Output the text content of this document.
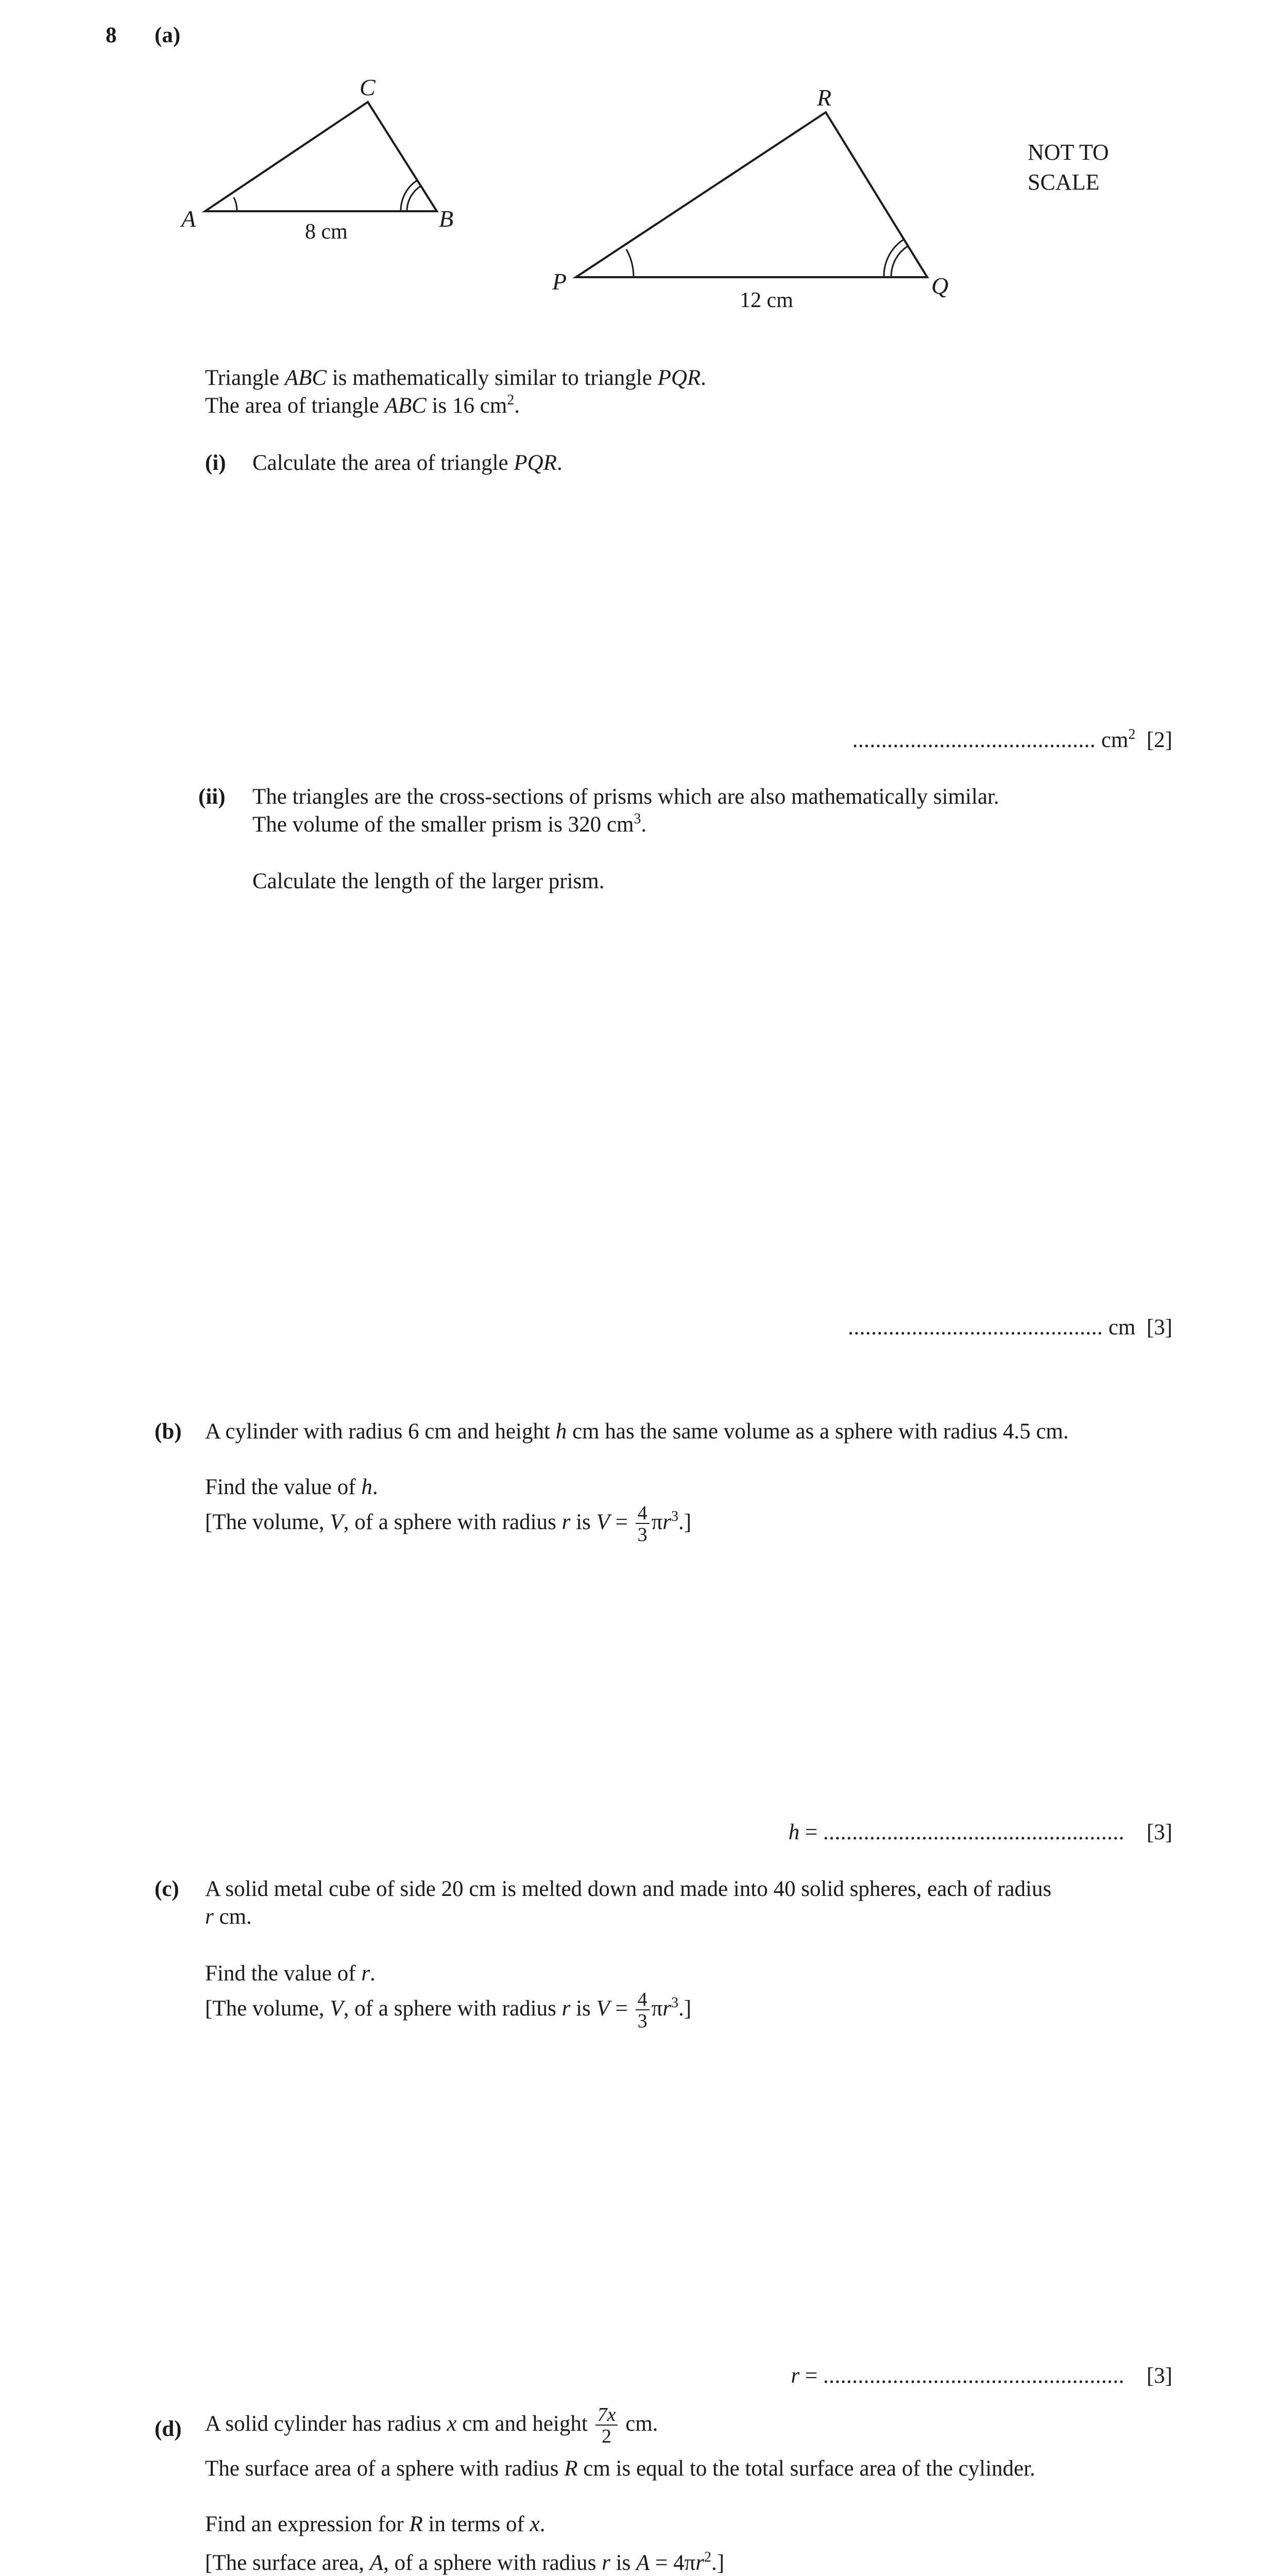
8 (a)
A	B
C
8 cm
P	Q
R
12 cm
NOT TO
SCALE
Triangle ABC is mathematically similar to triangle PQR.
The area of triangle ABC is 16 $cm^2$.
(i) Calculate the area of triangle PQR.
.......................................... $cm^2$ [2]
(ii) The triangles are the cross-sections of prisms which are also mathematically similar.
The volume of the smaller prism is 320 $cm^3$.
Calculate the length of the larger prism.
............................................ cm [3]
(b) A cylinder with radius 6 cm and height h cm has the same volume as a sphere with radius 4.5 cm.
Find the value of h.
[The volume, V, of a sphere with radius r is $V = \frac{4}{3} \pi r^3$.]
h = .................................................... [3]
(c) A solid metal cube of side 20 cm is melted down and made into 40 solid spheres, each of radius
r cm.
Find the value of r.
[The volume, V, of a sphere with radius r is $V = \frac{4}{3} \pi r^3$.]
r = .................................................... [3]
(d) A solid cylinder has radius x cm and height $\frac{7x}{2}$ cm.
The surface area of a sphere with radius R cm is equal to the total surface area of the cylinder.
Find an expression for R in terms of x.
[The surface area, A, of a sphere with radius r is $A = 4\pi r^2$.]
